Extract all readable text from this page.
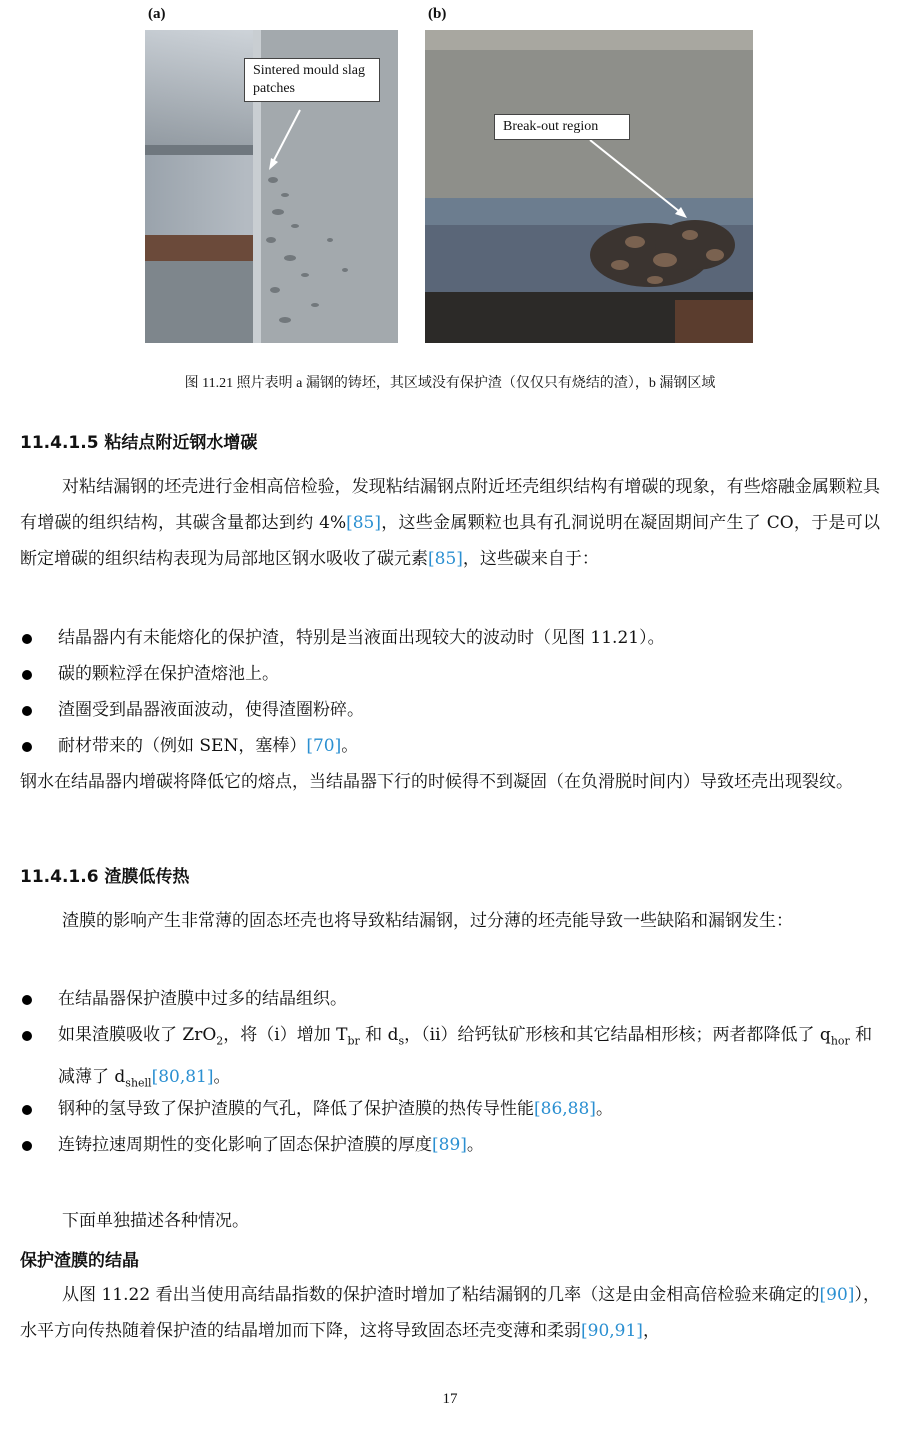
(a)
Sintered mould slag patches
(b)
Break-out region
图 11.21 照片表明 a 漏钢的铸坯，其区域没有保护渣（仅仅只有烧结的渣），b 漏钢区域
11.4.1.5 粘结点附近钢水增碳
对粘结漏钢的坯壳进行金相高倍检验，发现粘结漏钢点附近坯壳组织结构有增碳的现象，有些熔融金属颗粒具有增碳的组织结构，其碳含量都达到约 4%[85]，这些金属颗粒也具有孔洞说明在凝固期间产生了 CO，于是可以断定增碳的组织结构表现为局部地区钢水吸收了碳元素[85]，这些碳来自于：
结晶器内有未能熔化的保护渣，特别是当液面出现较大的波动时（见图 11.21）。
碳的颗粒浮在保护渣熔池上。
渣圈受到晶器液面波动，使得渣圈粉碎。
耐材带来的（例如 SEN，塞棒）[70]。
钢水在结晶器内增碳将降低它的熔点，当结晶器下行的时候得不到凝固（在负滑脱时间内）导致坯壳出现裂纹。
11.4.1.6 渣膜低传热
渣膜的影响产生非常薄的固态坯壳也将导致粘结漏钢，过分薄的坯壳能导致一些缺陷和漏钢发生：
在结晶器保护渣膜中过多的结晶组织。
如果渣膜吸收了 ZrO$_2$，将（i）增加 $T_{br}$ 和 $d_s$，（ii）给钙钛矿形核和其它结晶相形核；两者都降低了 $q_{hor}$ 和减薄了 $d_{shell}[80,81]$。
钢种的氢导致了保护渣膜的气孔，降低了保护渣膜的热传导性能[86,88]。
连铸拉速周期性的变化影响了固态保护渣膜的厚度[89]。
下面单独描述各种情况。
保护渣膜的结晶
从图 11.22 看出当使用高结晶指数的保护渣时增加了粘结漏钢的几率（这是由金相高倍检验来确定的[90]），水平方向传热随着保护渣的结晶增加而下降，这将导致固态坯壳变薄和柔弱[90,91]，
17
